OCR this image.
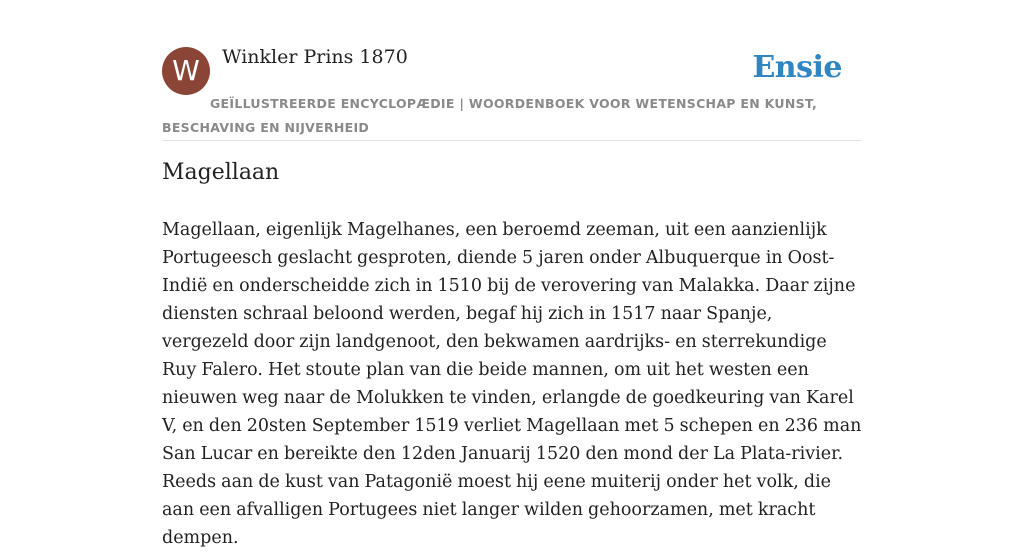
W	Winkler Prins 1870	Ensie
GEÏLLUSTREERDE ENCYCLOPÆDIE | WOORDENBOEK VOOR WETENSCHAP EN KUNST, BESCHAVING EN NIJVERHEID
Magellaan

Magellaan, eigenlijk Magelhanes, een beroemd zeeman, uit een aanzienlijk Portugeesch geslacht gesproten, diende 5 jaren onder Albuquerque in Oost-Indië en onderscheidde zich in 1510 bij de verovering van Malakka. Daar zijne diensten schraal beloond werden, begaf hij zich in 1517 naar Spanje, vergezeld door zijn landgenoot, den bekwamen aardrijks- en sterrekundige Ruy Falero. Het stoute plan van die beide mannen, om uit het westen een nieuwen weg naar de Molukken te vinden, erlangde de goedkeuring van Karel V, en den 20sten September 1519 verliet Magellaan met 5 schepen en 236 man San Lucar en bereikte den 12den Januarij 1520 den mond der La Plata-rivier. Reeds aan de kust van Patagonië moest hij eene muiterij onder het volk, die aan een afvalligen Portugees niet langer wilden gehoorzamen, met kracht dempen.
